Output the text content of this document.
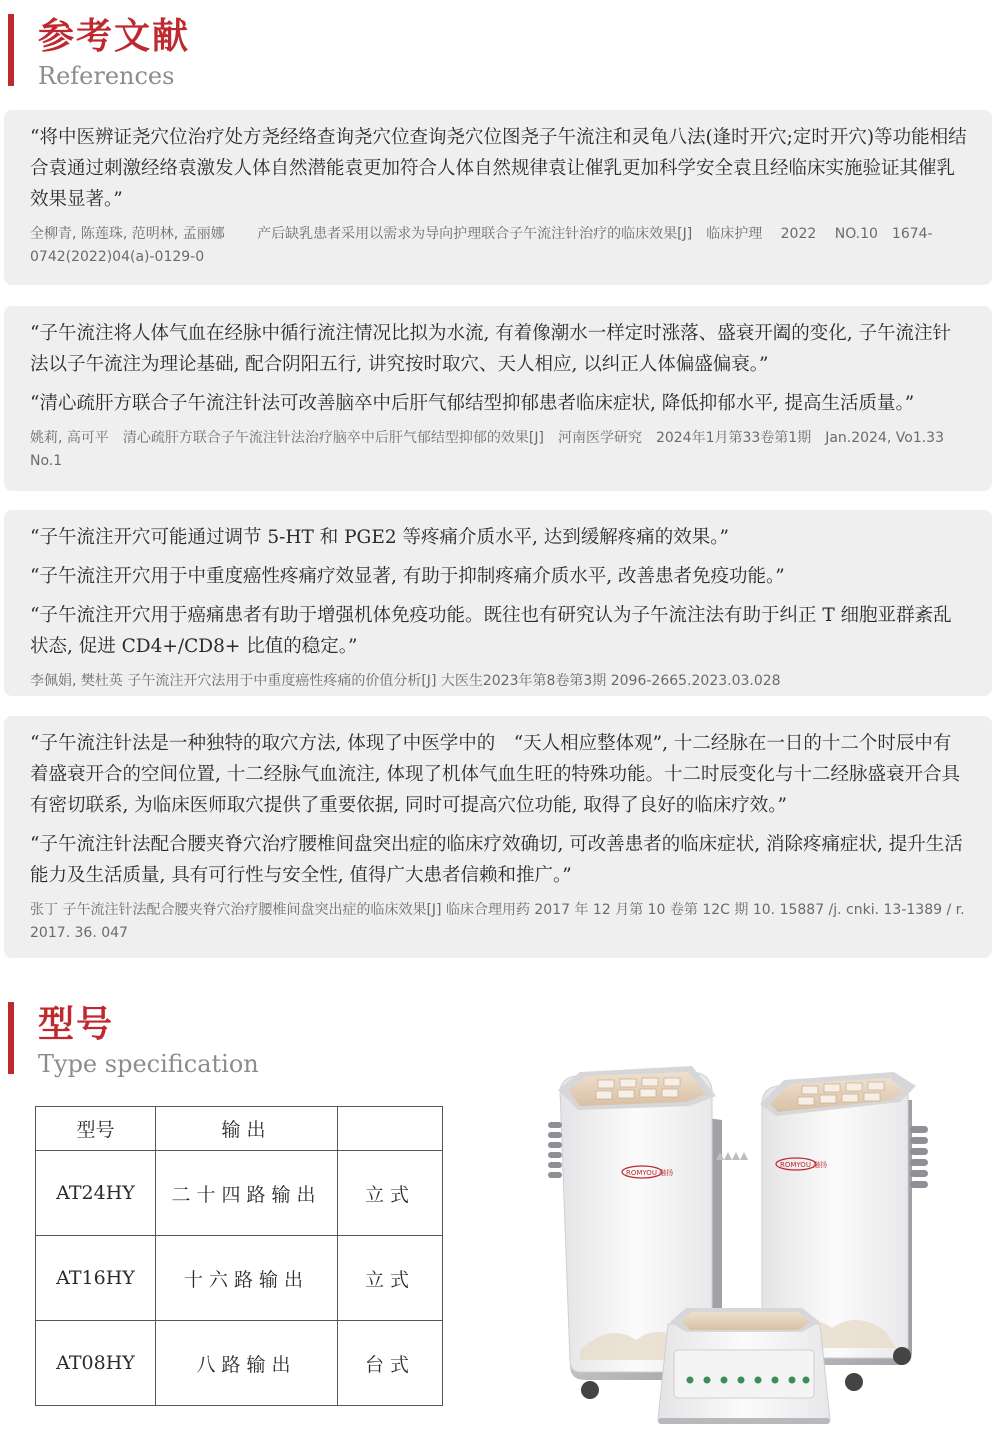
参考文献
References

“将中医辨证尧穴位治疗处方尧经络查询尧穴位查询尧穴位图尧子午流注和灵龟八法(逢时开穴;定时开穴)等功能相结合袁通过刺激经络袁激发人体自然潜能袁更加符合人体自然规律袁让催乳更加科学安全袁且经临床实施验证其催乳效果显著。”

全柳青, 陈莲珠, 范明林, 孟丽娜　　 产后缺乳患者采用以需求为导向护理联合子午流注针治疗的临床效果[J]　临床护理　 2022　 NO.10　1674-0742(2022)04(a)-0129-0

“子午流注将人体气血在经脉中循行流注情况比拟为水流, 有着像潮水一样定时涨落、盛衰开阖的变化, 子午流注针法以子午流注为理论基础, 配合阴阳五行, 讲究按时取穴、天人相应, 以纠正人体偏盛偏衰。”

“清心疏肝方联合子午流注针法可改善脑卒中后肝气郁结型抑郁患者临床症状, 降低抑郁水平, 提高生活质量。”

姚莉, 高可平　清心疏肝方联合子午流注针法治疗脑卒中后肝气郁结型抑郁的效果[J]　河南医学研究　2024年1月第33卷第1期　Jan.2024, Vo1.33 No.1

“子午流注开穴可能通过调节 5-HT 和 PGE2 等疼痛介质水平, 达到缓解疼痛的效果。”

“子午流注开穴用于中重度癌性疼痛疗效显著, 有助于抑制疼痛介质水平, 改善患者免疫功能。”

“子午流注开穴用于癌痛患者有助于增强机体免疫功能。既往也有研究认为子午流注法有助于纠正 T 细胞亚群紊乱状态, 促进 CD4+/CD8+ 比值的稳定。”

李佩娟, 樊杜英 子午流注开穴法用于中重度癌性疼痛的价值分析[J] 大医生2023年第8卷第3期 2096-2665.2023.03.028

“子午流注针法是一种独特的取穴方法, 体现了中医学中的　“天人相应整体观”, 十二经脉在一日的十二个时辰中有着盛衰开合的空间位置, 十二经脉气血流注, 体现了机体气血生旺的特殊功能。十二时辰变化与十二经脉盛衰开合具有密切联系, 为临床医师取穴提供了重要依据, 同时可提高穴位功能, 取得了良好的临床疗效。”

“子午流注针法配合腰夹脊穴治疗腰椎间盘突出症的临床疗效确切, 可改善患者的临床症状, 消除疼痛症状, 提升生活能力及生活质量, 具有可行性与安全性, 值得广大患者信赖和推广。”

张丁 子午流注针法配合腰夹脊穴治疗腰椎间盘突出症的临床效果[J] 临床合理用药 2017 年 12 月第 10 卷第 12C 期 10. 15887 /j. cnki. 13-1389 / r. 2017. 36. 047
型号
Type specification
型号	输出	
AT24HY	二十四路输出	立式
AT16HY	十六路输出	立式
AT08HY	八路输出	台式
ROMYOU 融扬
ROMYOU 融扬
